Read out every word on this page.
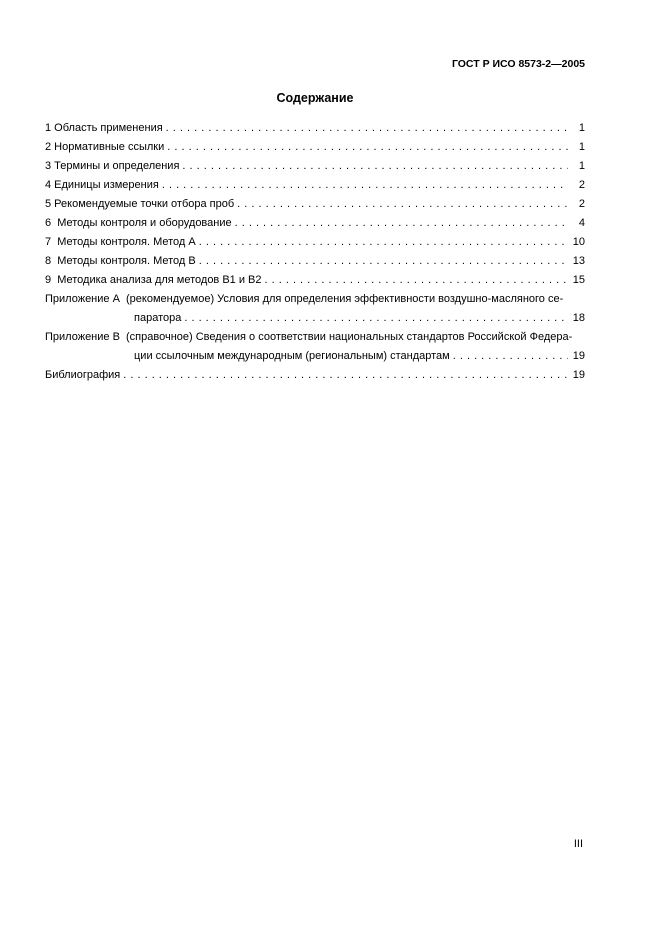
ГОСТ Р ИСО 8573-2—2005
Содержание
1 Область применения . . .	1
2 Нормативные ссылки . . .	1
3 Термины и определения . . .	1
4 Единицы измерения . . .	2
5 Рекомендуемые точки отбора проб . . .	2
6  Методы контроля и оборудование . . .	4
7  Методы контроля. Метод А . . .	10
8  Методы контроля. Метод В . . .	13
9  Методика анализа для методов В1 и В2 . . .	15
Приложение А  (рекомендуемое) Условия для определения эффективности воздушно-масляного се-
паратора . . .	18
Приложение В  (справочное) Сведения о соответствии национальных стандартов Российской Федера-
ции ссылочным международным (региональным) стандартам . . .	19
Библиография . . .	19
III
